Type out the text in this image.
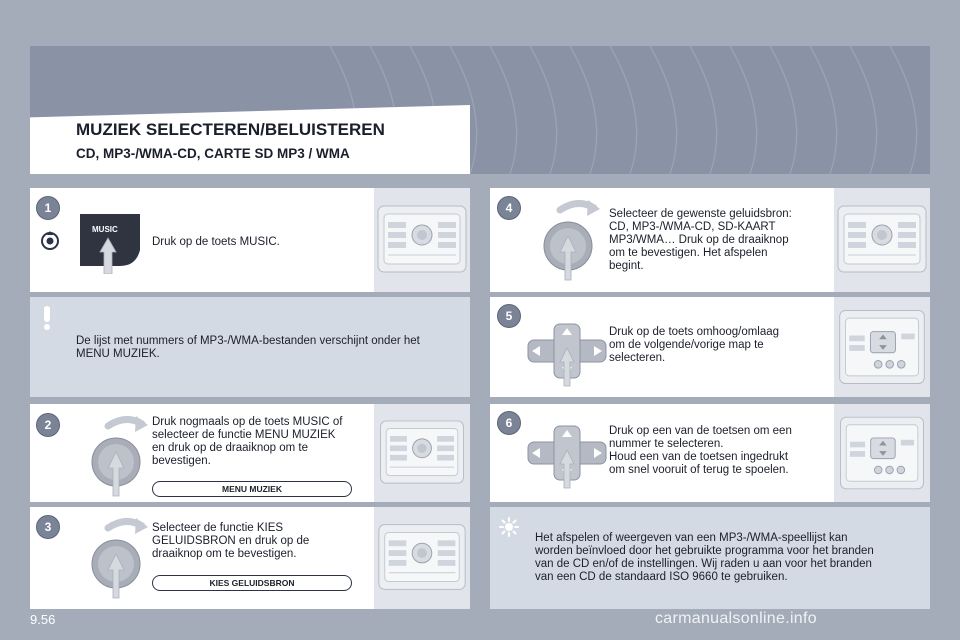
MUZIEK SELECTEREN/BELUISTEREN
CD, MP3-/WMA-CD, CARTE SD MP3 / WMA
1
Druk op de toets MUSIC.
De lijst met nummers of MP3-/WMA-bestanden verschijnt onder het
MENU MUZIEK.
2	Druk nogmaals op de toets MUSIC of
selecteer de functie MENU MUZIEK
en druk op de draaiknop om te
bevestigen.
MENU MUZIEK
3	Selecteer de functie KIES
GELUIDSBRON en druk op de
draaiknop om te bevestigen.
KIES GELUIDSBRON
4	Selecteer de gewenste geluidsbron:
CD, MP3-/WMA-CD, SD-KAART
MP3/WMA… Druk op de draaiknop
om te bevestigen. Het afspelen
begint.
5
Druk op de toets omhoog/omlaag
om de volgende/vorige map te
selecteren.
6
Druk op een van de toetsen om een
nummer te selecteren.
Houd een van de toetsen ingedrukt
om snel vooruit of terug te spoelen.
Het afspelen of weergeven van een MP3-/WMA-speellijst kan
worden beïnvloed door het gebruikte programma voor het branden
van de CD en/of de instellingen. Wij raden u aan voor het branden
van een CD de standaard ISO 9660 te gebruiken.
9.56	carmanualsonline.info
